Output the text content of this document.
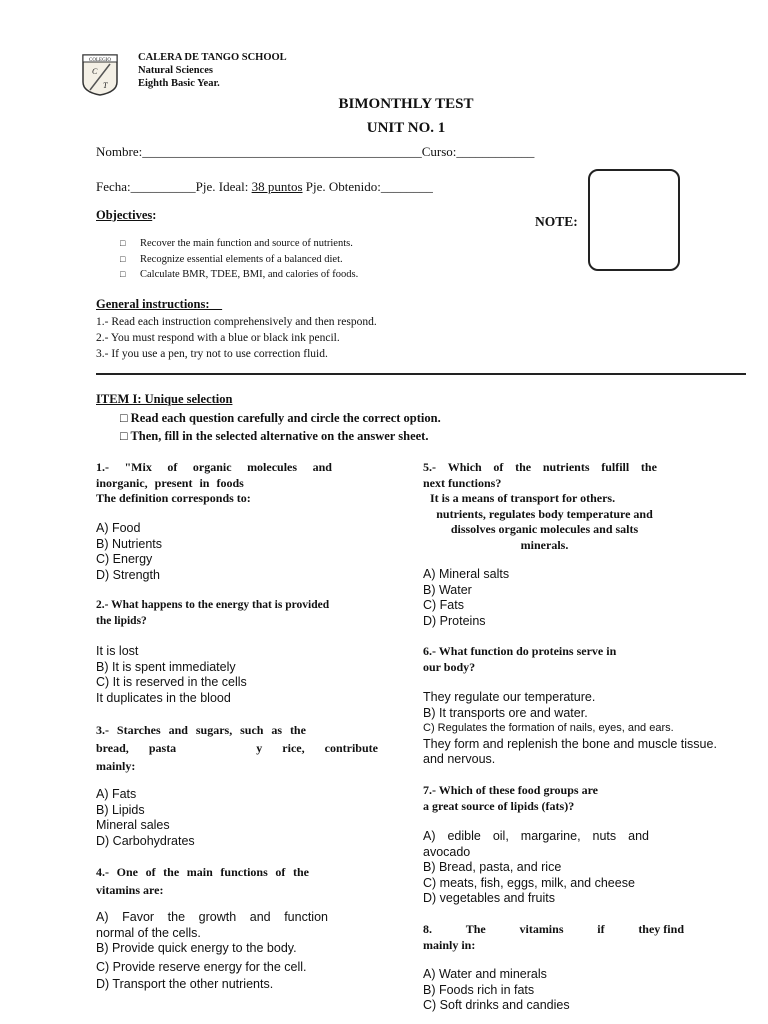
COLEGIO
C
T
CALERA DE TANGO SCHOOL
Natural Sciences
Eighth Basic Year.
BIMONTHLY TEST
UNIT NO. 1
Nombre:___________________________________________Curso:____________
Fecha:__________Pje. Ideal: 38 puntos Pje. Obtenido:________
NOTE:
Objectives:
□ Recover the main function and source of nutrients.
□ Recognize essential elements of a balanced diet.
□ Calculate BMR, TDEE, BMI, and calories of foods.
General instructions:__
1.- Read each instruction comprehensively and then respond.
2.- You must respond with a blue or black ink pencil.
3.- If you use a pen, try not to use correction fluid.
ITEM I: Unique selection
□ Read each question carefully and circle the correct option.
□ Then, fill in the selected alternative on the answer sheet.
1.- "Mix of organic molecules and
inorganic, present in foods
The definition corresponds to:
A) Food
B) Nutrients
C) Energy
D) Strength
2.- What happens to the energy that is provided
the lipids?
It is lost
B) It is spent immediately
C) It is reserved in the cells
It duplicates in the blood
3.- Starches and sugars, such as the
bread, pasta	y rice, contribute
mainly:
A) Fats
B) Lipids
Mineral sales
D) Carbohydrates
4.- One of the main functions of the
vitamins are:
A) Favor the growth and function
normal of the cells.
B) Provide quick energy to the body.
C) Provide reserve energy for the cell.
D) Transport the other nutrients.
5.- Which of the nutrients fulfill the
next functions?
It is a means of transport for others.
nutrients, regulates body temperature and
dissolves organic molecules and salts
minerals.
A) Mineral salts
B) Water
C) Fats
D) Proteins
6.- What function do proteins serve in
our body?
They regulate our temperature.
B) It transports ore and water.
C) Regulates the formation of nails, eyes, and ears.
They form and replenish the bone and muscle tissue.
and nervous.
7.- Which of these food groups are
a great source of lipids (fats)?
A) edible oil, margarine, nuts and
avocado
B) Bread, pasta, and rice
C) meats, fish, eggs, milk, and cheese
D) vegetables and fruits
8.	The	vitamins	if	they find
mainly in:
A) Water and minerals
B) Foods rich in fats
C) Soft drinks and candies
